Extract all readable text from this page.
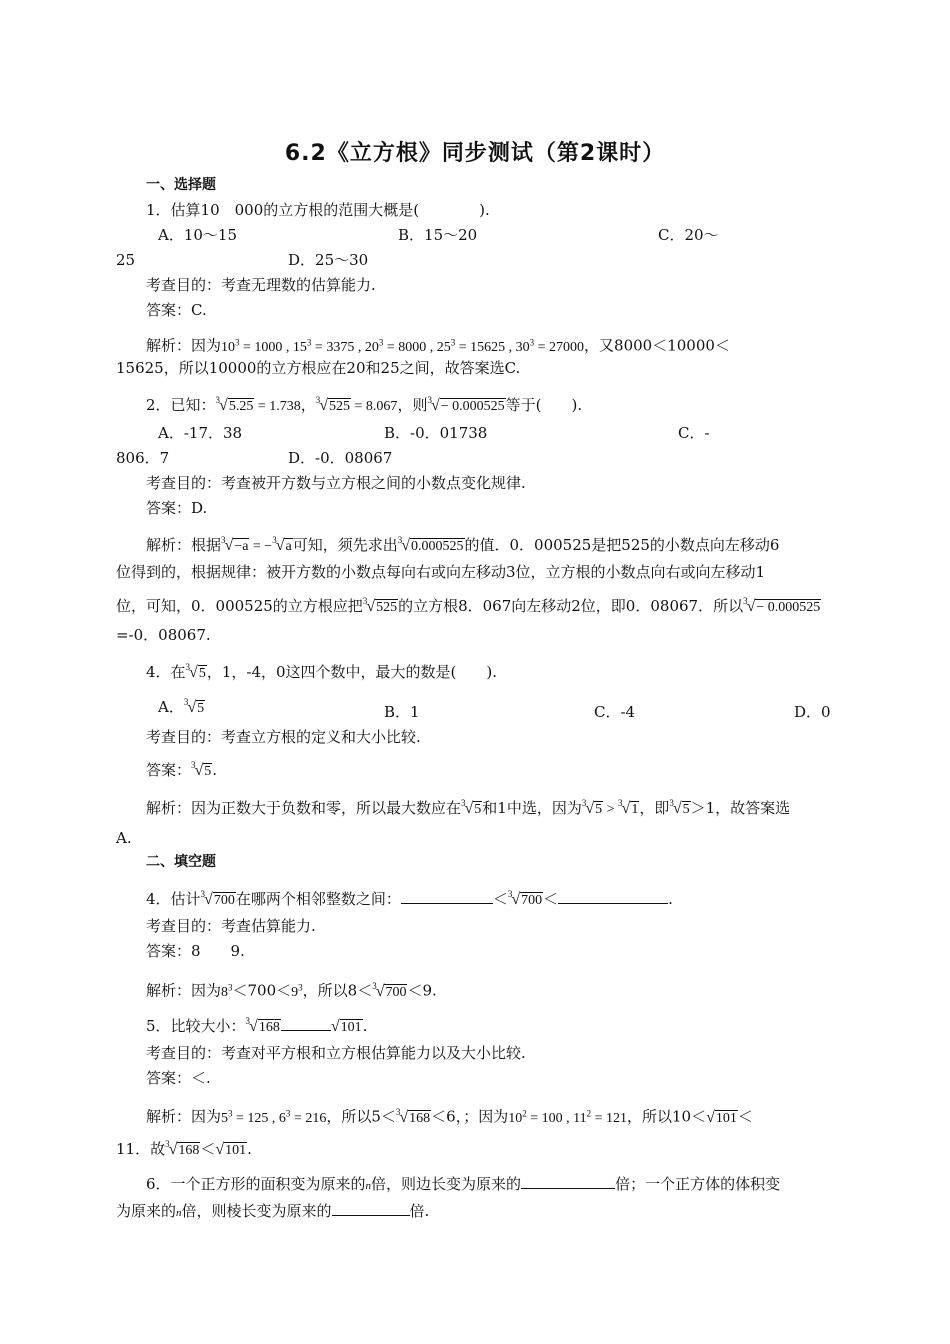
6.2《立方根》同步测试（第2课时）
一、选择题
1．估算10　000的立方根的范围大概是(　　　　).
A．10～15	B．15～20	C．20～
25	D．25～30
考查目的：考查无理数的估算能力.
答案：C.
解析：因为$10^3 = 1000$ , $15^3 = 3375$ , $20^3 = 8000$ , $25^3 = 15625$ , $30^3 = 27000$，又8000＜10000＜
15625，所以10000的立方根应在20和25之间，故答案选C.
2．已知：$^3$√5.25 = 1.738，$^3$√525 = 8.067，则$^3$√− 0.000525等于(　　).
A．-17．38	B．-0．01738	C．-
806．7	D．-0．08067
考查目的：考查被开方数与立方根之间的小数点变化规律.
答案：D.
解析：根据$^3$√−a = −$^3$√a可知，须先求出$^3$√0.000525的值．0．000525是把525的小数点向左移动6
位得到的，根据规律：被开方数的小数点每向右或向左移动3位，立方根的小数点向右或向左移动1
位，可知，0．000525的立方根应把$^3$√525的立方根8．067向左移动2位，即0．08067．所以$^3$√− 0.000525
=-0．08067.
4．在$^3$√5，1，-4，0这四个数中，最大的数是(　　).
A．$^3$√5	B．1	C．-4	D．0
考查目的：考查立方根的定义和大小比较.
答案：$^3$√5.
解析：因为正数大于负数和零，所以最大数应在$^3$√5和1中选，因为$^3$√5 > $^3$√1，即$^3$√5＞1，故答案选
A.
二、填空题
4．估计$^3$√700在哪两个相邻整数之间：	＜$^3$√700＜	.
考查目的：考查估算能力.
答案：8　　9.
解析：因为$8^3<700<9^3$，所以8＜$^3$√700＜9.
5．比较大小：$^3$√168	√101.
考查目的：考查对平方根和立方根估算能力以及大小比较.
答案：＜.
解析：因为$5^3 = 125$ , $6^3 = 216$，所以5＜$^3$√168＜6，；因为$10^2 = 100$ , $11^2 = 121$，所以10＜√101＜
11．故$^3$√168＜√101.
6．一个正方形的面积变为原来的n倍，则边长变为原来的	倍；一个正方体的体积变
为原来的n倍，则棱长变为原来的	倍.
